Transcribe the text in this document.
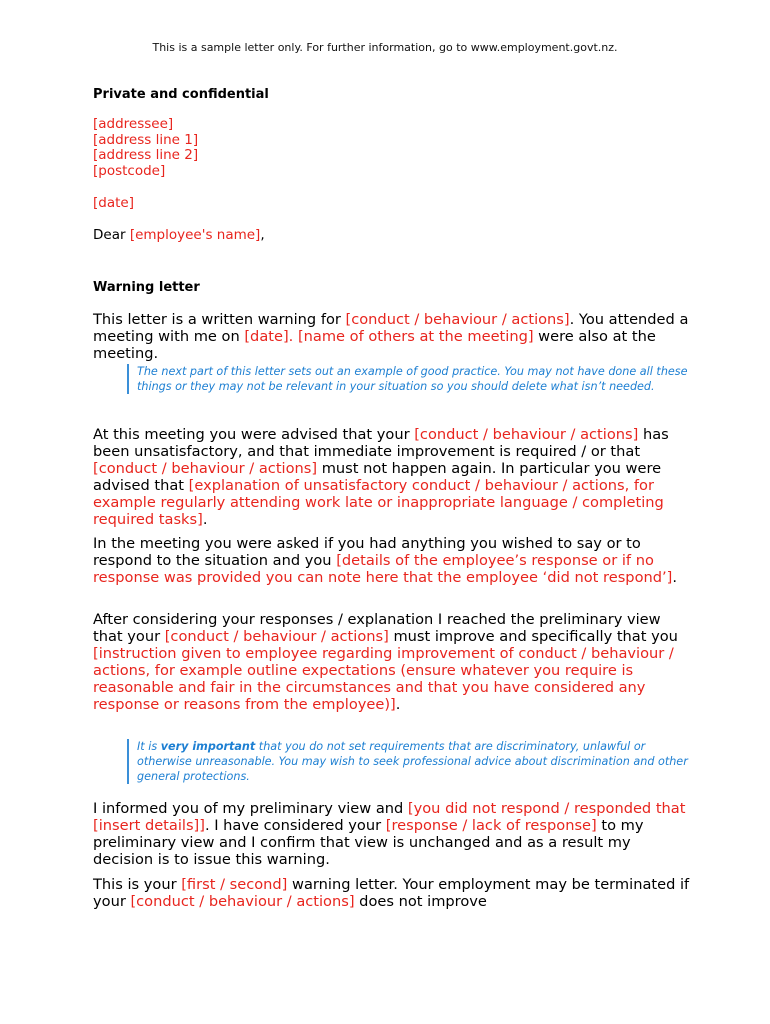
This is a sample letter only. For further information, go to www.employment.govt.nz.
Private and confidential
[addressee]
[address line 1]
[address line 2]
[postcode]
[date]
Dear [employee's name],
Warning letter
This letter is a written warning for [conduct / behaviour / actions]. You attended a meeting with me on [date]. [name of others at the meeting] were also at the meeting.
The next part of this letter sets out an example of good practice. You may not have done all these things or they may not be relevant in your situation so you should delete what isn’t needed.
At this meeting you were advised that your [conduct / behaviour / actions] has been unsatisfactory, and that immediate improvement is required / or that [conduct / behaviour / actions] must not happen again. In particular you were advised that [explanation of unsatisfactory conduct / behaviour / actions, for example regularly attending work late or inappropriate language / completing required tasks].
In the meeting you were asked if you had anything you wished to say or to respond to the situation and you [details of the employee’s response or if no response was provided you can note here that the employee ‘did not respond’].
After considering your responses / explanation I reached the preliminary view that your [conduct / behaviour / actions] must improve and specifically that you [instruction given to employee regarding improvement of conduct / behaviour / actions, for example outline expectations (ensure whatever you require is reasonable and fair in the circumstances and that you have considered any response or reasons from the employee)].
It is very important that you do not set requirements that are discriminatory, unlawful or otherwise unreasonable. You may wish to seek professional advice about discrimination and other general protections.
I informed you of my preliminary view and [you did not respond / responded that [insert details]]. I have considered your [response / lack of response] to my preliminary view and I confirm that view is unchanged and as a result my decision is to issue this warning.
This is your [first / second] warning letter. Your employment may be terminated if your [conduct / behaviour / actions] does not improve
